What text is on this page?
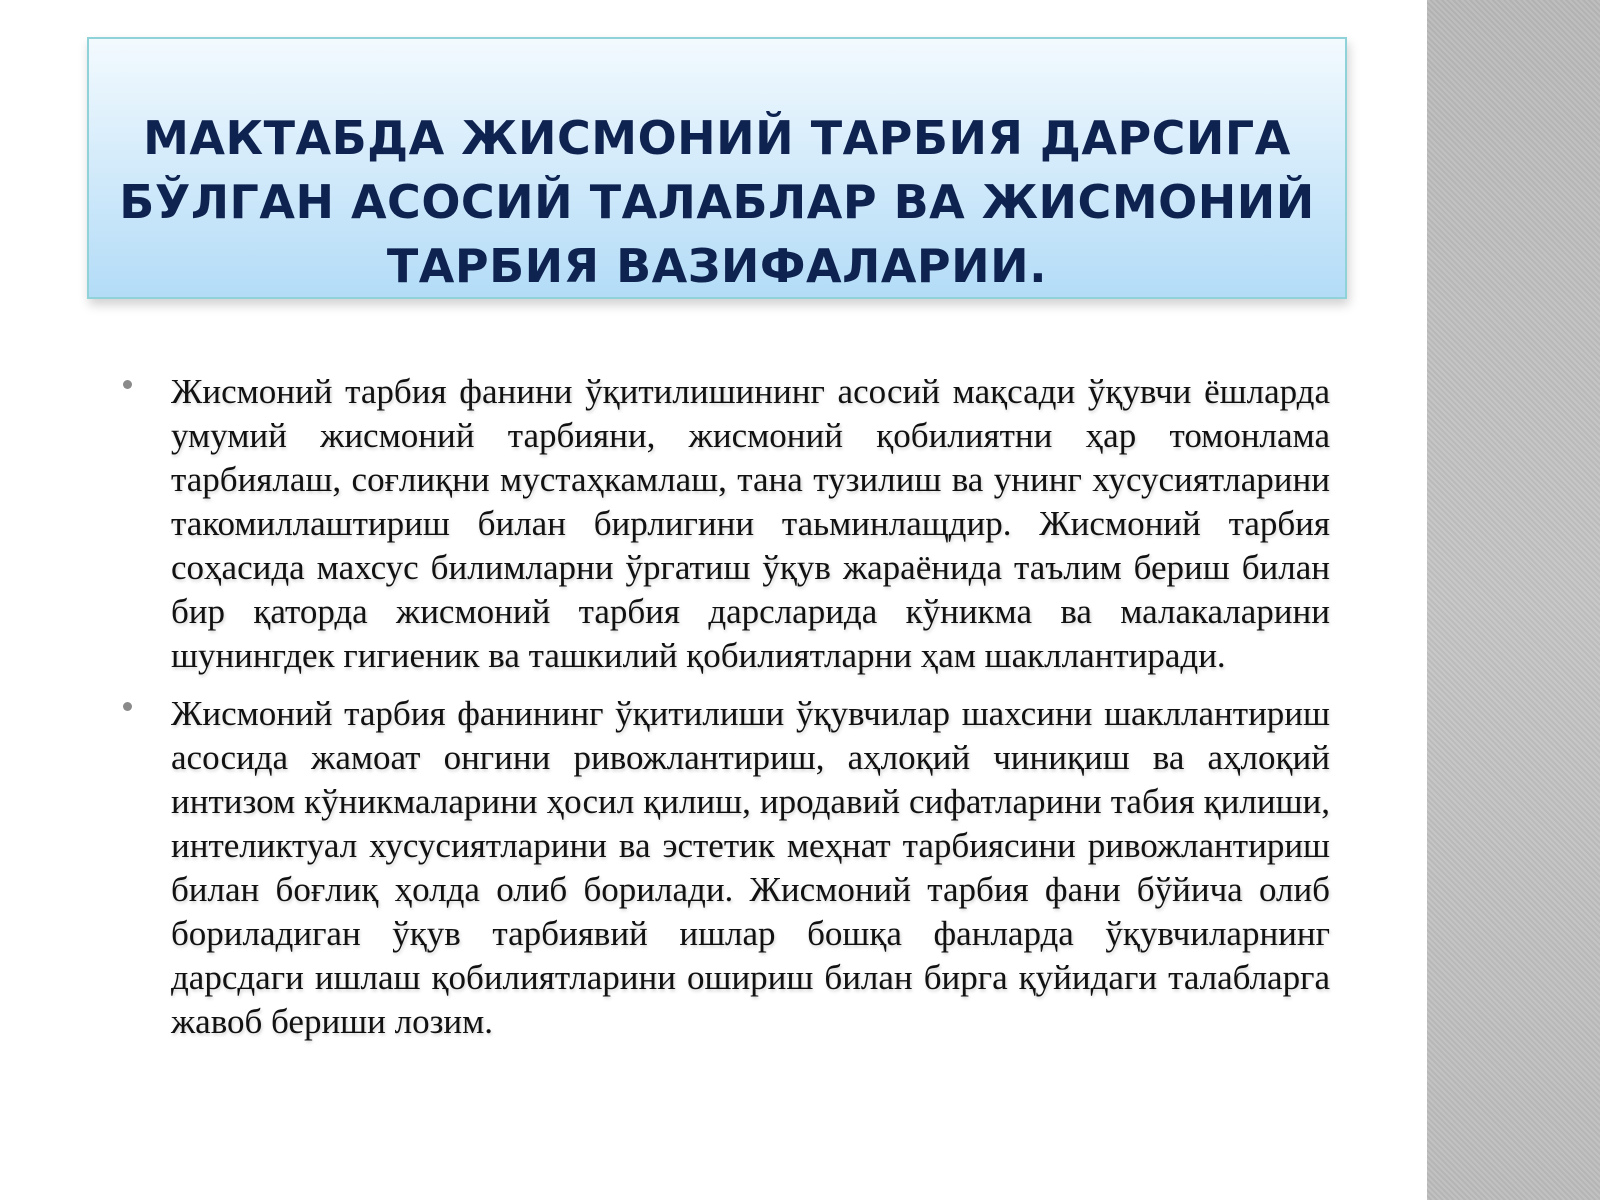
МАКТАБДА ЖИСМОНИЙ ТАРБИЯ ДАРСИГА БЎЛГАН АСОСИЙ ТАЛАБЛАР ВА ЖИСМОНИЙ ТАРБИЯ ВАЗИФАЛАРИИ.

Жисмоний тарбия фанини ўқитилишининг асосий мақсади ўқувчи ёшларда умумий жисмоний тарбияни, жисмоний қобилиятни ҳар томонлама тарбиялаш, соғлиқни мустаҳкамлаш, тана тузилиш ва унинг хусусиятларини такомиллаштириш билан бирлигини таьминлащдир. Жисмоний тарбия соҳасида махсус билимларни ўргатиш ўқув жараёнида таълим бериш билан бир қаторда жисмоний тарбия дарсларида кўникма ва малакаларини шунингдек гигиеник ва ташкилий қобилиятларни ҳам шакллантиради.

Жисмоний тарбия фанининг ўқитилиши ўқувчилар шахсини шакллантириш асосида жамоат онгини ривожлантириш, аҳлоқий чиниқиш ва аҳлоқий интизом кўникмаларини ҳосил қилиш, иродавий сифатларини табия қилиши, интеликтуал хусусиятларини ва эстетик меҳнат тарбиясини ривожлантириш билан боғлиқ ҳолда олиб борилади. Жисмоний тарбия фани бўйича олиб бориладиган ўқув тарбиявий ишлар бошқа фанларда ўқувчиларнинг дарсдаги ишлаш қобилиятларини ошириш билан бирга қуйидаги талабларга жавоб бериши лозим.
